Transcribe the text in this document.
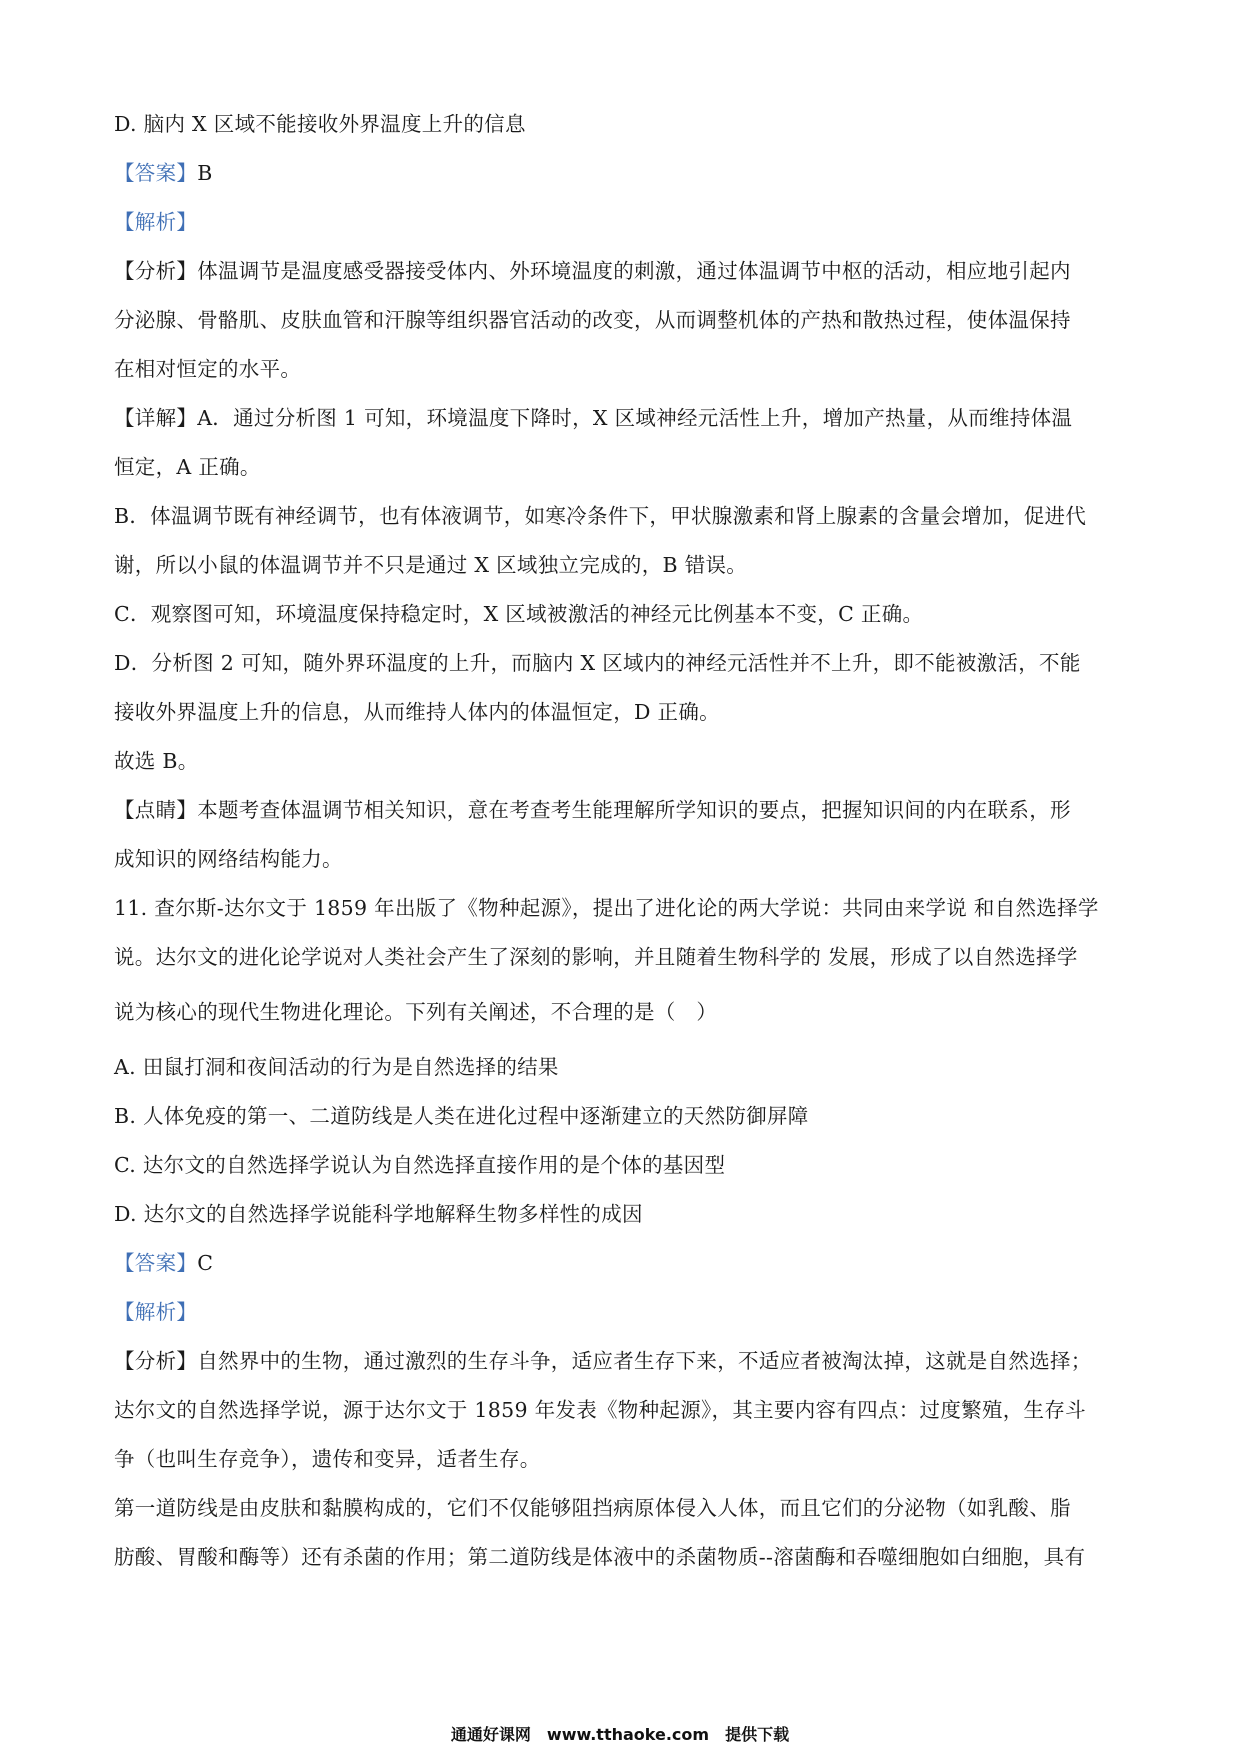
D. 脑内 X 区域不能接收外界温度上升的信息
【答案】B
【解析】
【分析】体温调节是温度感受器接受体内、外环境温度的刺激，通过体温调节中枢的活动，相应地引起内
分泌腺、骨骼肌、皮肤血管和汗腺等组织器官活动的改变，从而调整机体的产热和散热过程，使体温保持
在相对恒定的水平。
【详解】A．通过分析图 1 可知，环境温度下降时，X 区域神经元活性上升，增加产热量，从而维持体温
恒定，A 正确。
B．体温调节既有神经调节，也有体液调节，如寒冷条件下，甲状腺激素和肾上腺素的含量会增加，促进代
谢，所以小鼠的体温调节并不只是通过 X 区域独立完成的，B 错误。
C．观察图可知，环境温度保持稳定时，X 区域被激活的神经元比例基本不变，C 正确。
D．分析图 2 可知，随外界环温度的上升，而脑内 X 区域内的神经元活性并不上升，即不能被激活，不能
接收外界温度上升的信息，从而维持人体内的体温恒定，D 正确。
故选 B。
【点睛】本题考查体温调节相关知识，意在考查考生能理解所学知识的要点，把握知识间的内在联系，形
成知识的网络结构能力。
11. 查尔斯-达尔文于 1859 年出版了《物种起源》，提出了进化论的两大学说：共同由来学说 和自然选择学
说。达尔文的进化论学说对人类社会产生了深刻的影响，并且随着生物科学的 发展，形成了以自然选择学
说为核心的现代生物进化理论。下列有关阐述，不合理的是（　）
A. 田鼠打洞和夜间活动的行为是自然选择的结果
B. 人体免疫的第一、二道防线是人类在进化过程中逐渐建立的天然防御屏障
C. 达尔文的自然选择学说认为自然选择直接作用的是个体的基因型
D. 达尔文的自然选择学说能科学地解释生物多样性的成因
【答案】C
【解析】
【分析】自然界中的生物，通过激烈的生存斗争，适应者生存下来，不适应者被淘汰掉，这就是自然选择；
达尔文的自然选择学说，源于达尔文于 1859 年发表《物种起源》，其主要内容有四点：过度繁殖，生存斗
争（也叫生存竞争），遗传和变异，适者生存。
第一道防线是由皮肤和黏膜构成的，它们不仅能够阻挡病原体侵入人体，而且它们的分泌物（如乳酸、脂
肪酸、胃酸和酶等）还有杀菌的作用；第二道防线是体液中的杀菌物质--溶菌酶和吞噬细胞如白细胞，具有
通通好课网　www.tthaoke.com　提供下载
